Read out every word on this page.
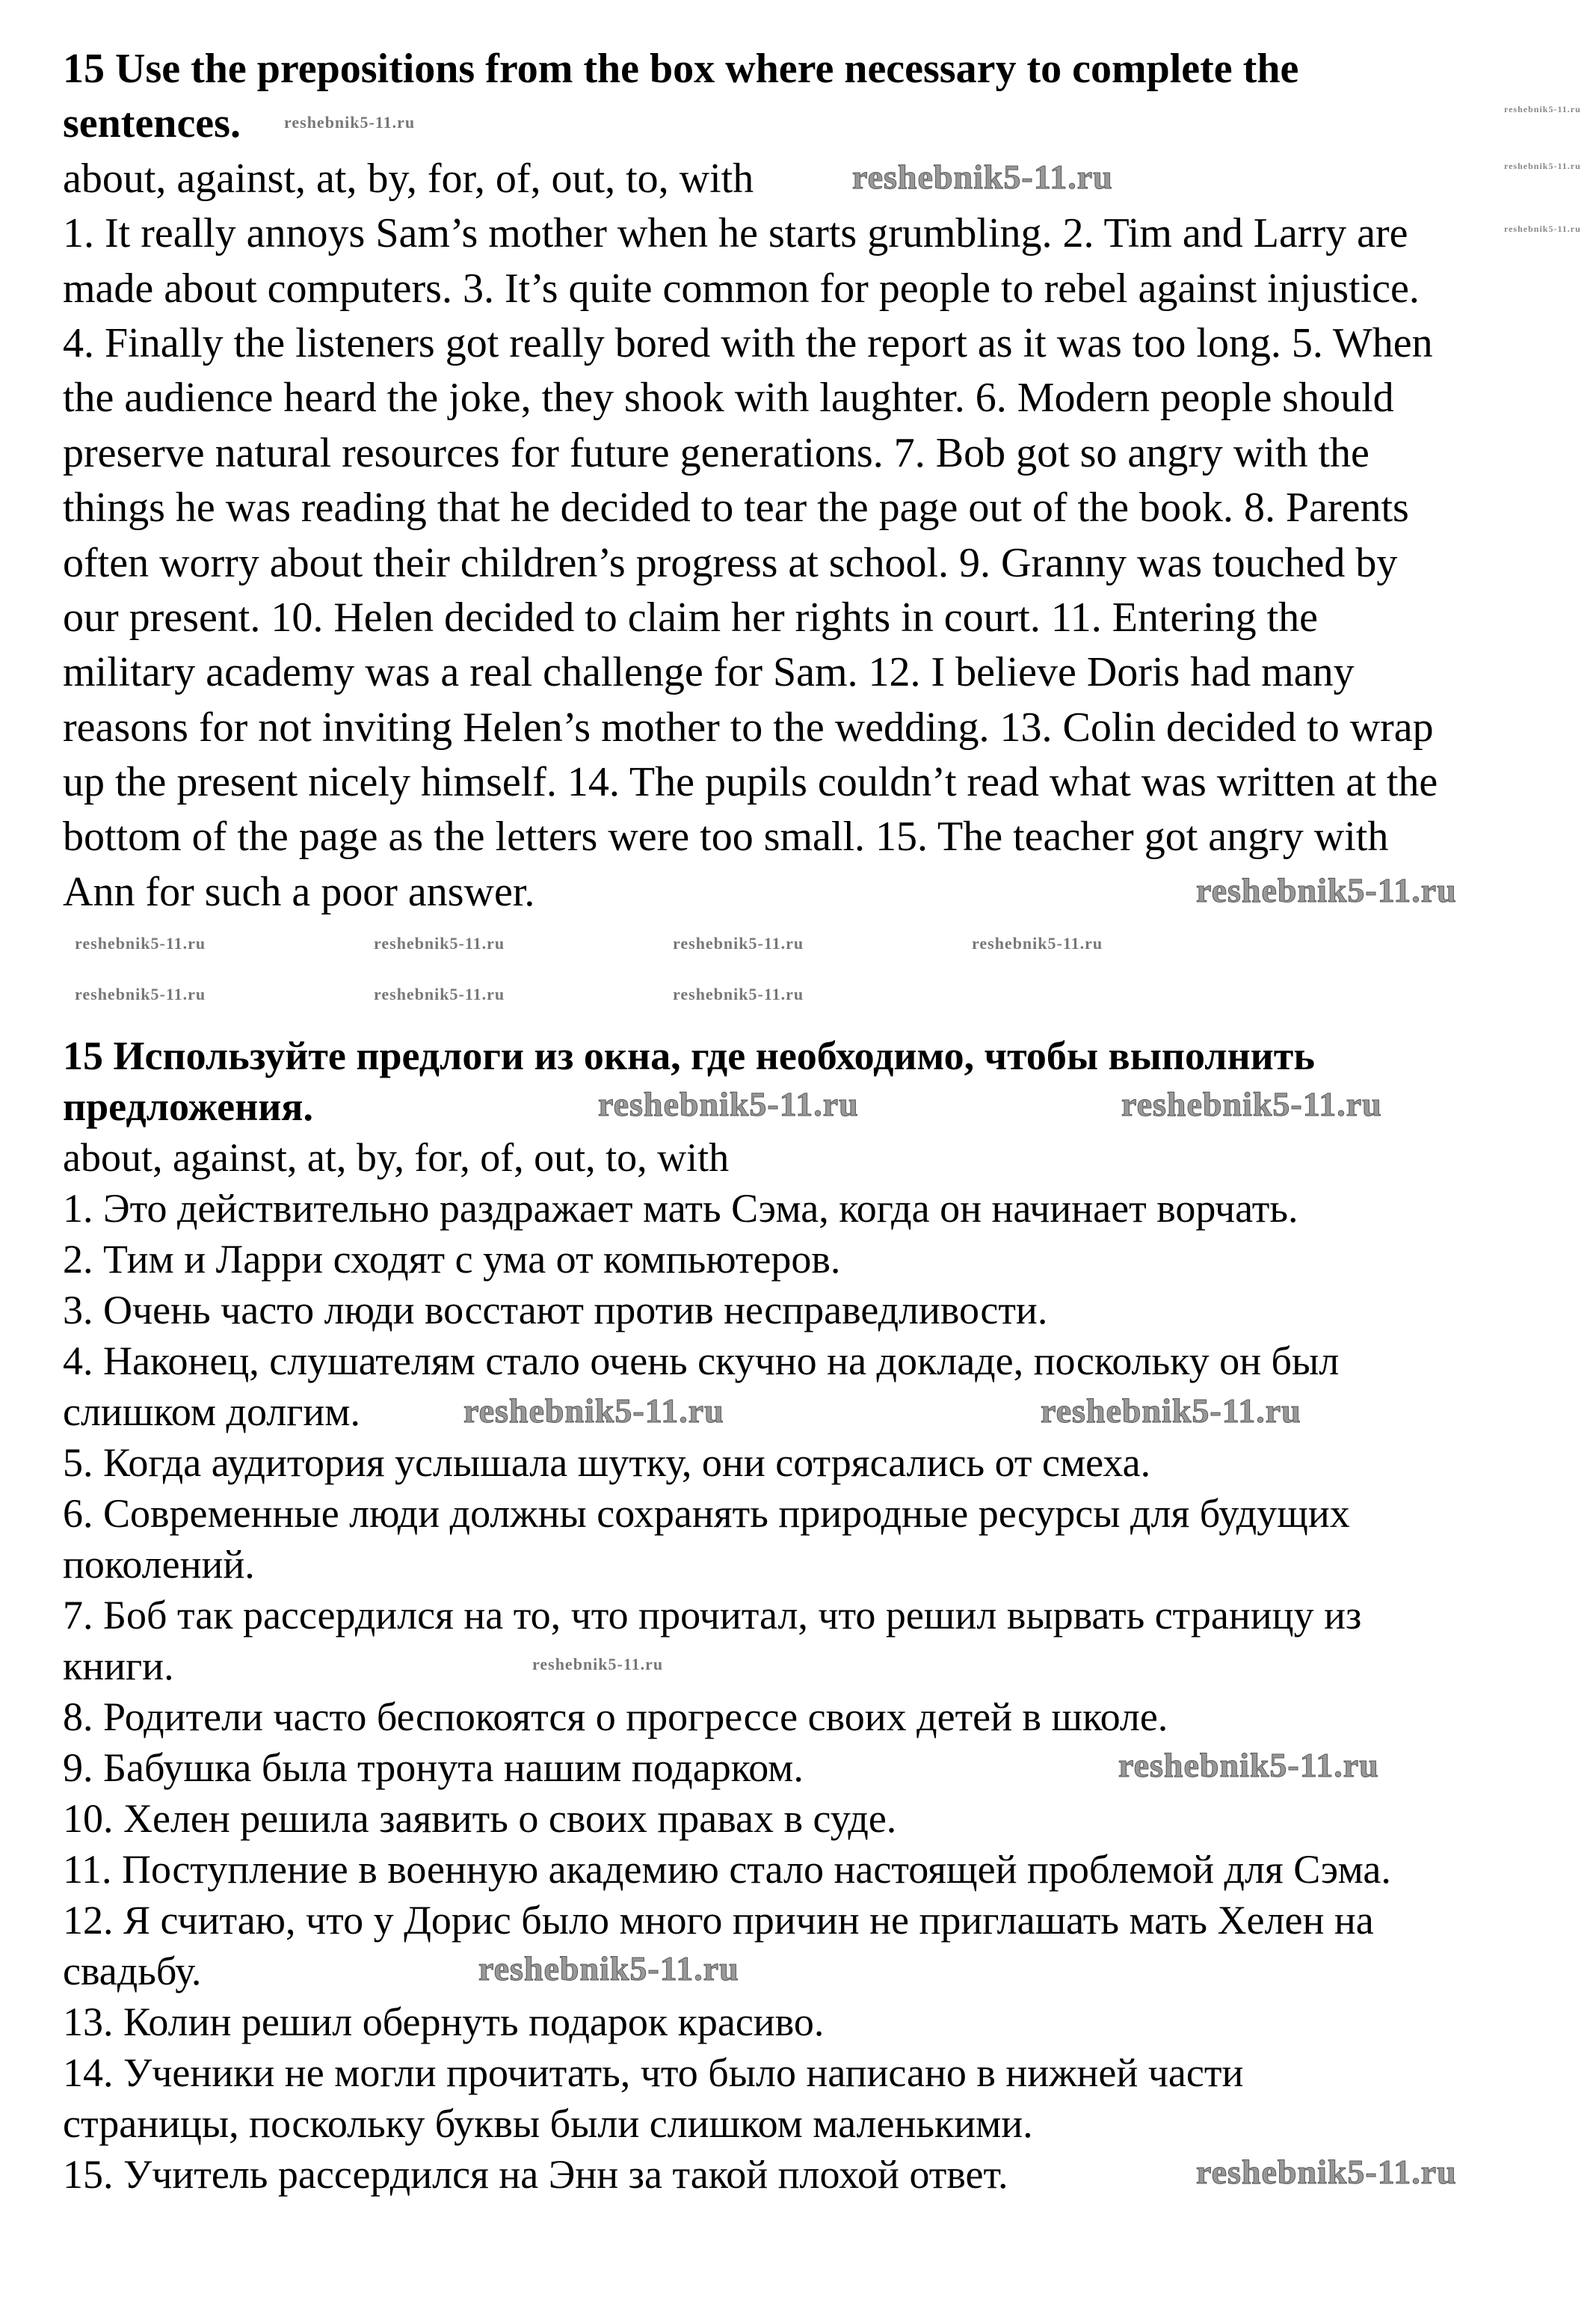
15 Use the prepositions from the box where necessary to complete the
sentences.
about, against, at, by, for, of, out, to, with
1. It really annoys Sam’s mother when he starts grumbling. 2. Tim and Larry are
made about computers. 3. It’s quite common for people to rebel against injustice.
4. Finally the listeners got really bored with the report as it was too long. 5. When
the audience heard the joke, they shook with laughter. 6. Modern people should
preserve natural resources for future generations. 7. Bob got so angry with the
things he was reading that he decided to tear the page out of the book. 8. Parents
often worry about their children’s progress at school. 9. Granny was touched by
our present. 10. Helen decided to claim her rights in court. 11. Entering the
military academy was a real challenge for Sam. 12. I believe Doris had many
reasons for not inviting Helen’s mother to the wedding. 13. Colin decided to wrap
up the present nicely himself. 14. The pupils couldn’t read what was written at the
bottom of the page as the letters were too small. 15. The teacher got angry with
Ann for such a poor answer.
15 Используйте предлоги из окна, где необходимо, чтобы выполнить
предложения.
about, against, at, by, for, of, out, to, with
1. Это действительно раздражает мать Сэма, когда он начинает ворчать.
2. Тим и Ларри сходят с ума от компьютеров.
3. Очень часто люди восстают против несправедливости.
4. Наконец, слушателям стало очень скучно на докладе, поскольку он был
слишком долгим.
5. Когда аудитория услышала шутку, они сотрясались от смеха.
6. Современные люди должны сохранять природные ресурсы для будущих
поколений.
7. Боб так рассердился на то, что прочитал, что решил вырвать страницу из
книги.
8. Родители часто беспокоятся о прогрессе своих детей в школе.
9. Бабушка была тронута нашим подарком.
10. Хелен решила заявить о своих правах в суде.
11. Поступление в военную академию стало настоящей проблемой для Сэма.
12. Я считаю, что у Дорис было много причин не приглашать мать Хелен на
свадьбу.
13. Колин решил обернуть подарок красиво.
14. Ученики не могли прочитать, что было написано в нижней части
страницы, поскольку буквы были слишком маленькими.
15. Учитель рассердился на Энн за такой плохой ответ.
reshebnik5-11.ru
reshebnik5-11.ru
reshebnik5-11.ru
reshebnik5-11.ru
reshebnik5-11.ru
reshebnik5-11.ru	reshebnik5-11.ru	reshebnik5-11.ru	reshebnik5-11.ru
reshebnik5-11.ru	reshebnik5-11.ru
reshebnik5-11.ru
reshebnik5-11.ru
reshebnik5-11.ru
reshebnik5-11.ru
reshebnik5-11.ru	reshebnik5-11.ru
reshebnik5-11.ru
reshebnik5-11.ru
reshebnik5-11.ru
reshebnik5-11.ru
